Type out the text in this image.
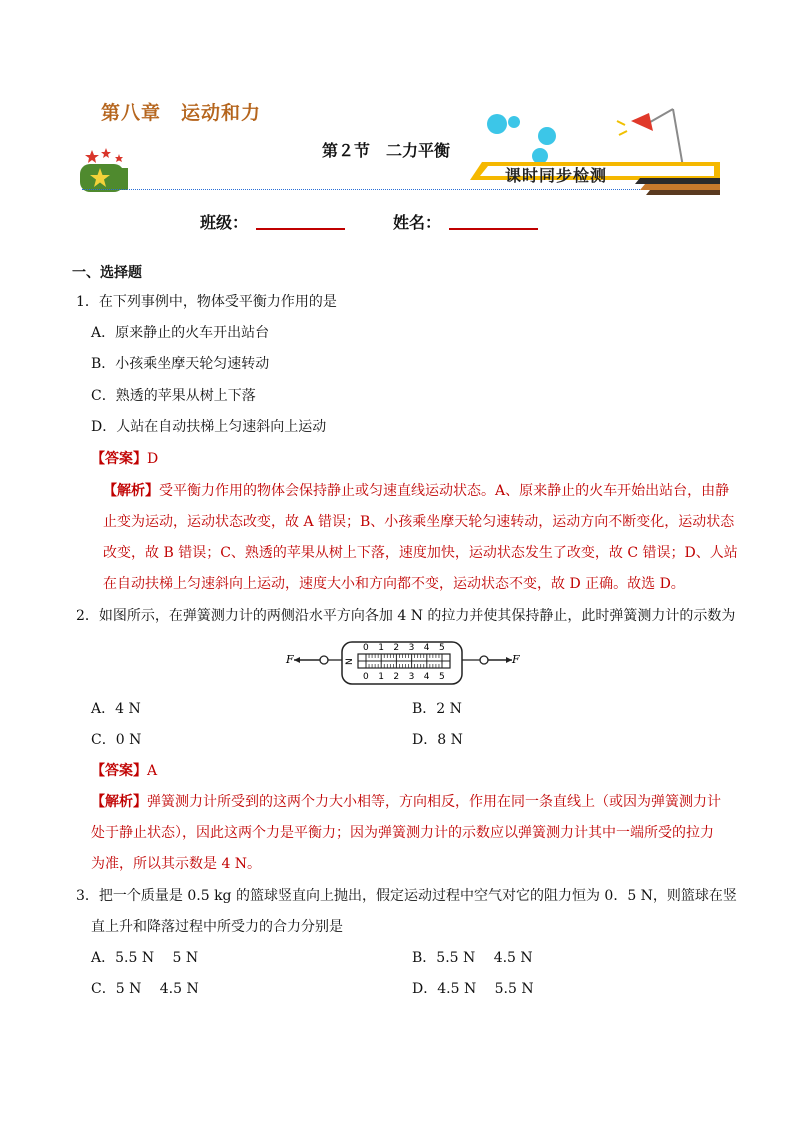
第八章　运动和力
第２节　二力平衡
课时同步检测
班级：	姓名：
一、选择题
1．在下列事例中，物体受平衡力作用的是
A．原来静止的火车开出站台
B．小孩乘坐摩天轮匀速转动
C．熟透的苹果从树上下落
D．人站在自动扶梯上匀速斜向上运动
【答案】D
【解析】受平衡力作用的物体会保持静止或匀速直线运动状态。A、原来静止的火车开始出站台，由静
止变为运动，运动状态改变，故 A 错误；B、小孩乘坐摩天轮匀速转动，运动方向不断变化，运动状态
改变，故 B 错误；C、熟透的苹果从树上下落，速度加快，运动状态发生了改变，故 C 错误；D、人站
在自动扶梯上匀速斜向上运动，速度大小和方向都不变，运动状态不变，故 D 正确。故选 D。
2．如图所示，在弹簧测力计的两侧沿水平方向各加 4 N 的拉力并使其保持静止，此时弹簧测力计的示数为
F	N
0
0
1
1
2
2
3
3
4
4
5
5
F
A．4 N	B．2 N
C．0 N	D．8 N
【答案】A
【解析】弹簧测力计所受到的这两个力大小相等，方向相反，作用在同一条直线上（或因为弹簧测力计
处于静止状态），因此这两个力是平衡力；因为弹簧测力计的示数应以弹簧测力计其中一端所受的拉力
为准，所以其示数是 4 N。
3．把一个质量是 0.5 kg 的篮球竖直向上抛出，假定运动过程中空气对它的阻力恒为 0．5 N，则篮球在竖
直上升和降落过程中所受力的合力分别是
A．5.5 N　 5 N	B．5.5 N　 4.5 N
C．5 N　 4.5 N	D．4.5 N　 5.5 N
